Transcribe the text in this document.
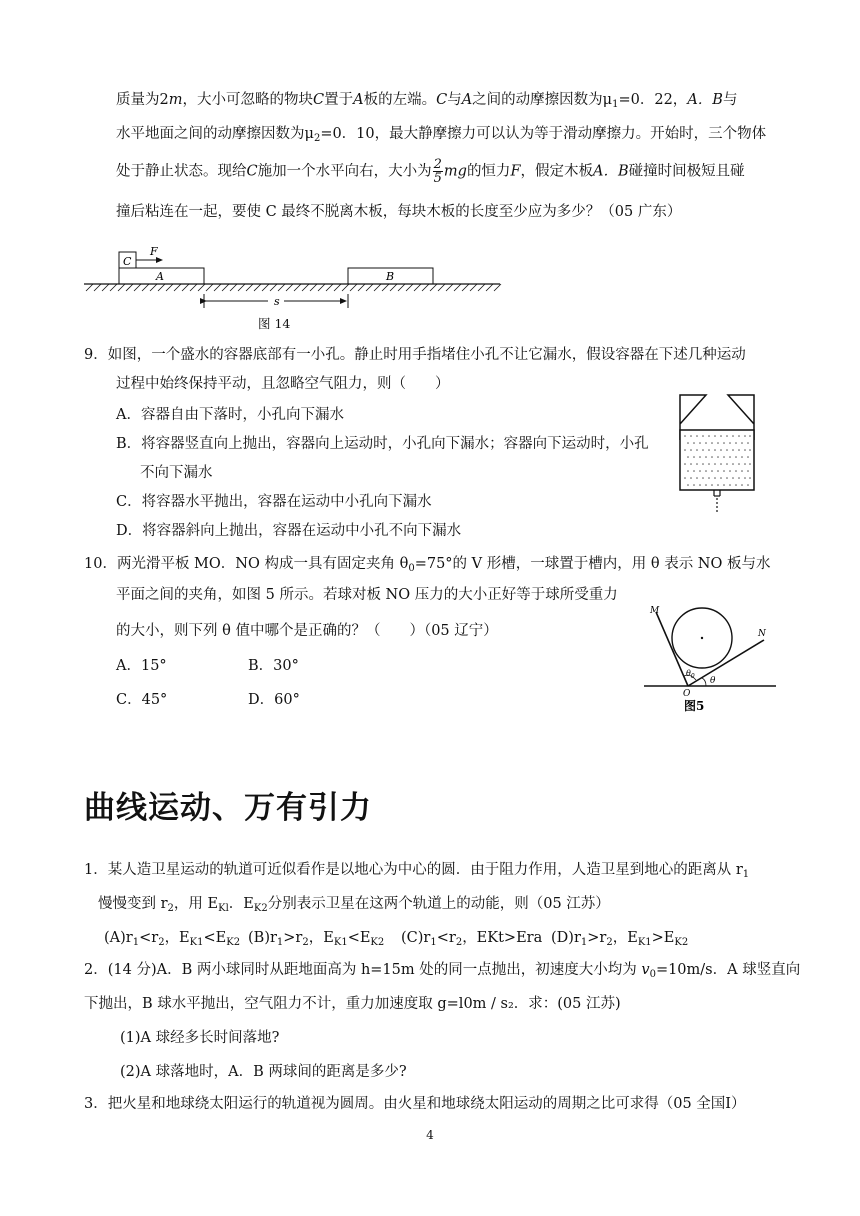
质量为2m，大小可忽略的物块C置于A板的左端。C与A之间的动摩擦因数为$\mu_1=0$．22，A．B与
水平地面之间的动摩擦因数为$\mu_2=0$．10，最大静摩擦力可以认为等于滑动摩擦力。开始时，三个物体
处于静止状态。现给C施加一个水平向右，大小为 $\frac{2}{5}$ mg的恒力F，假定木板A．B碰撞时间极短且碰
撞后粘连在一起，要使 C 最终不脱离木板，每块木板的长度至少应为多少？（05 广东）
C
F
A	B
s
图 14
9．如图，一个盛水的容器底部有一小孔。静止时用手指堵住小孔不让它漏水，假设容器在下述几种运动
过程中始终保持平动，且忽略空气阻力，则（　　）
A．容器自由下落时，小孔向下漏水
B．将容器竖直向上抛出，容器向上运动时，小孔向下漏水；容器向下运动时，小孔
不向下漏水
C．将容器水平抛出，容器在运动中小孔向下漏水
D．将容器斜向上抛出，容器在运动中小孔不向下漏水
10．两光滑平板 MO．NO 构成一具有固定夹角 $\theta_0=75^\circ$的 V 形槽，一球置于槽内，用 θ 表示 NO 板与水
平面之间的夹角，如图 5 所示。若球对板 NO 压力的大小正好等于球所受重力
的大小，则下列 θ 值中哪个是正确的？（　　）（05 辽宁）
A．15°	B．30°
C．45°	D．60°
M
N
O
$\theta_0$ θ
图5
曲线运动、万有引力
1．某人造卫星运动的轨道可近似看作是以地心为中心的圆．由于阻力作用，人造卫星到地心的距离从 $r_1$
慢慢变到 $r_2$，用 $E_{Kl}$．$E_{K2}$分别表示卫星在这两个轨道上的动能，则（05 江苏）
$(A)r_1<r_2$，$E_{K1}<E_{K2}$ $(B)r_1>r_2$，$E_{K1}<E_{K2}$ $(C)r_1<r_2$，EKt>Era $(D)r_1>r_2$，$E_{K1}>E_{K2}$
2．(14 分)A．B 两小球同时从距地面高为 h=15m 处的同一点抛出，初速度大小均为 $v_0=10m/s$．A 球竖直向
下抛出，B 球水平抛出，空气阻力不计，重力加速度取 g=l0m / s₂．求：(05 江苏)
(1)A 球经多长时间落地?
(2)A 球落地时，A．B 两球间的距离是多少?
3．把火星和地球绕太阳运行的轨道视为圆周。由火星和地球绕太阳运动的周期之比可求得（05 全国Ⅰ）
4
